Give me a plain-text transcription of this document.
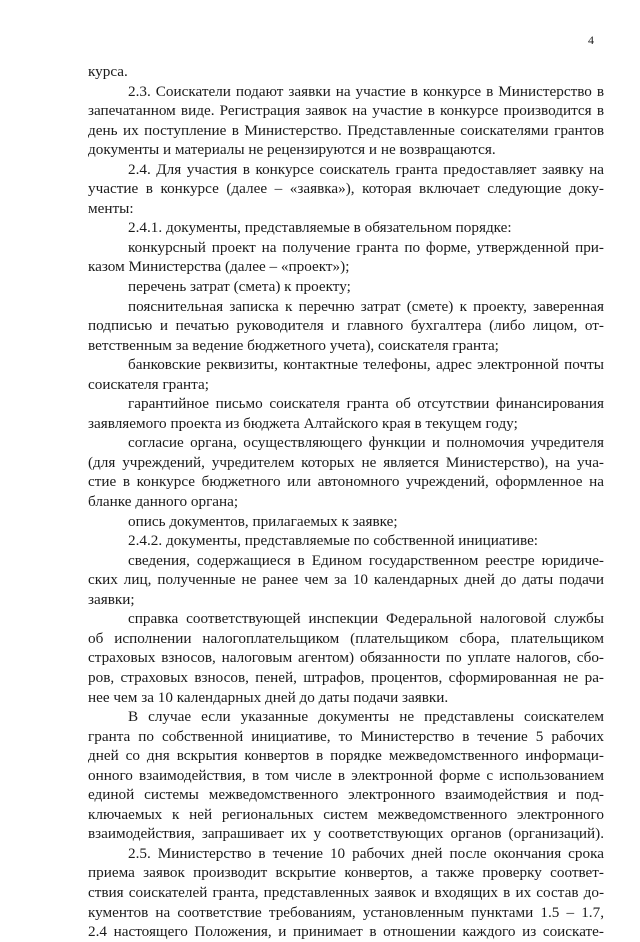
4
курса.
2.3. Соискатели подают заявки на участие в конкурсе в Министерство в
запечатанном виде. Регистрация заявок на участие в конкурсе производится в
день их поступление в Министерство. Представленные соискателями грантов
документы и материалы не рецензируются и не возвращаются.
2.4. Для участия в конкурсе соискатель гранта предоставляет заявку на
участие в конкурсе (далее – «заявка»), которая включает следующие доку-
менты:
2.4.1. документы, представляемые в обязательном порядке:
конкурсный проект на получение гранта по форме, утвержденной при-
казом Министерства (далее – «проект»);
перечень затрат (смета) к проекту;
пояснительная записка к перечню затрат (смете) к проекту, заверенная
подписью и печатью руководителя и главного бухгалтера (либо лицом, от-
ветственным за ведение бюджетного учета), соискателя гранта;
банковские реквизиты, контактные телефоны, адрес электронной почты
соискателя гранта;
гарантийное письмо соискателя гранта об отсутствии финансирования
заявляемого проекта из бюджета Алтайского края в текущем году;
согласие органа, осуществляющего функции и полномочия учредителя
(для учреждений, учредителем которых не является Министерство), на уча-
стие в конкурсе бюджетного или автономного учреждений, оформленное на
бланке данного органа;
опись документов, прилагаемых к заявке;
2.4.2. документы, представляемые по собственной инициативе:
сведения, содержащиеся в Едином государственном реестре юридиче-
ских лиц, полученные не ранее чем за 10 календарных дней до даты подачи
заявки;
справка соответствующей инспекции Федеральной налоговой службы
об исполнении налогоплательщиком (плательщиком сбора, плательщиком
страховых взносов, налоговым агентом) обязанности по уплате налогов, сбо-
ров, страховых взносов, пеней, штрафов, процентов, сформированная не ра-
нее чем за 10 календарных дней до даты подачи заявки.
В случае если указанные документы не представлены соискателем
гранта по собственной инициативе, то Министерство в течение 5 рабочих
дней со дня вскрытия конвертов в порядке межведомственного информаци-
онного взаимодействия, в том числе в электронной форме с использованием
единой системы межведомственного электронного взаимодействия и под-
ключаемых к ней региональных систем межведомственного электронного
взаимодействия, запрашивает их у соответствующих органов (организаций).
2.5. Министерство в течение 10 рабочих дней после окончания срока
приема заявок производит вскрытие конвертов, а также проверку соответ-
ствия соискателей гранта, представленных заявок и входящих в их состав до-
кументов на соответствие требованиям, установленным пунктами 1.5 – 1.7,
2.4 настоящего Положения, и принимает в отношении каждого из соискате-
